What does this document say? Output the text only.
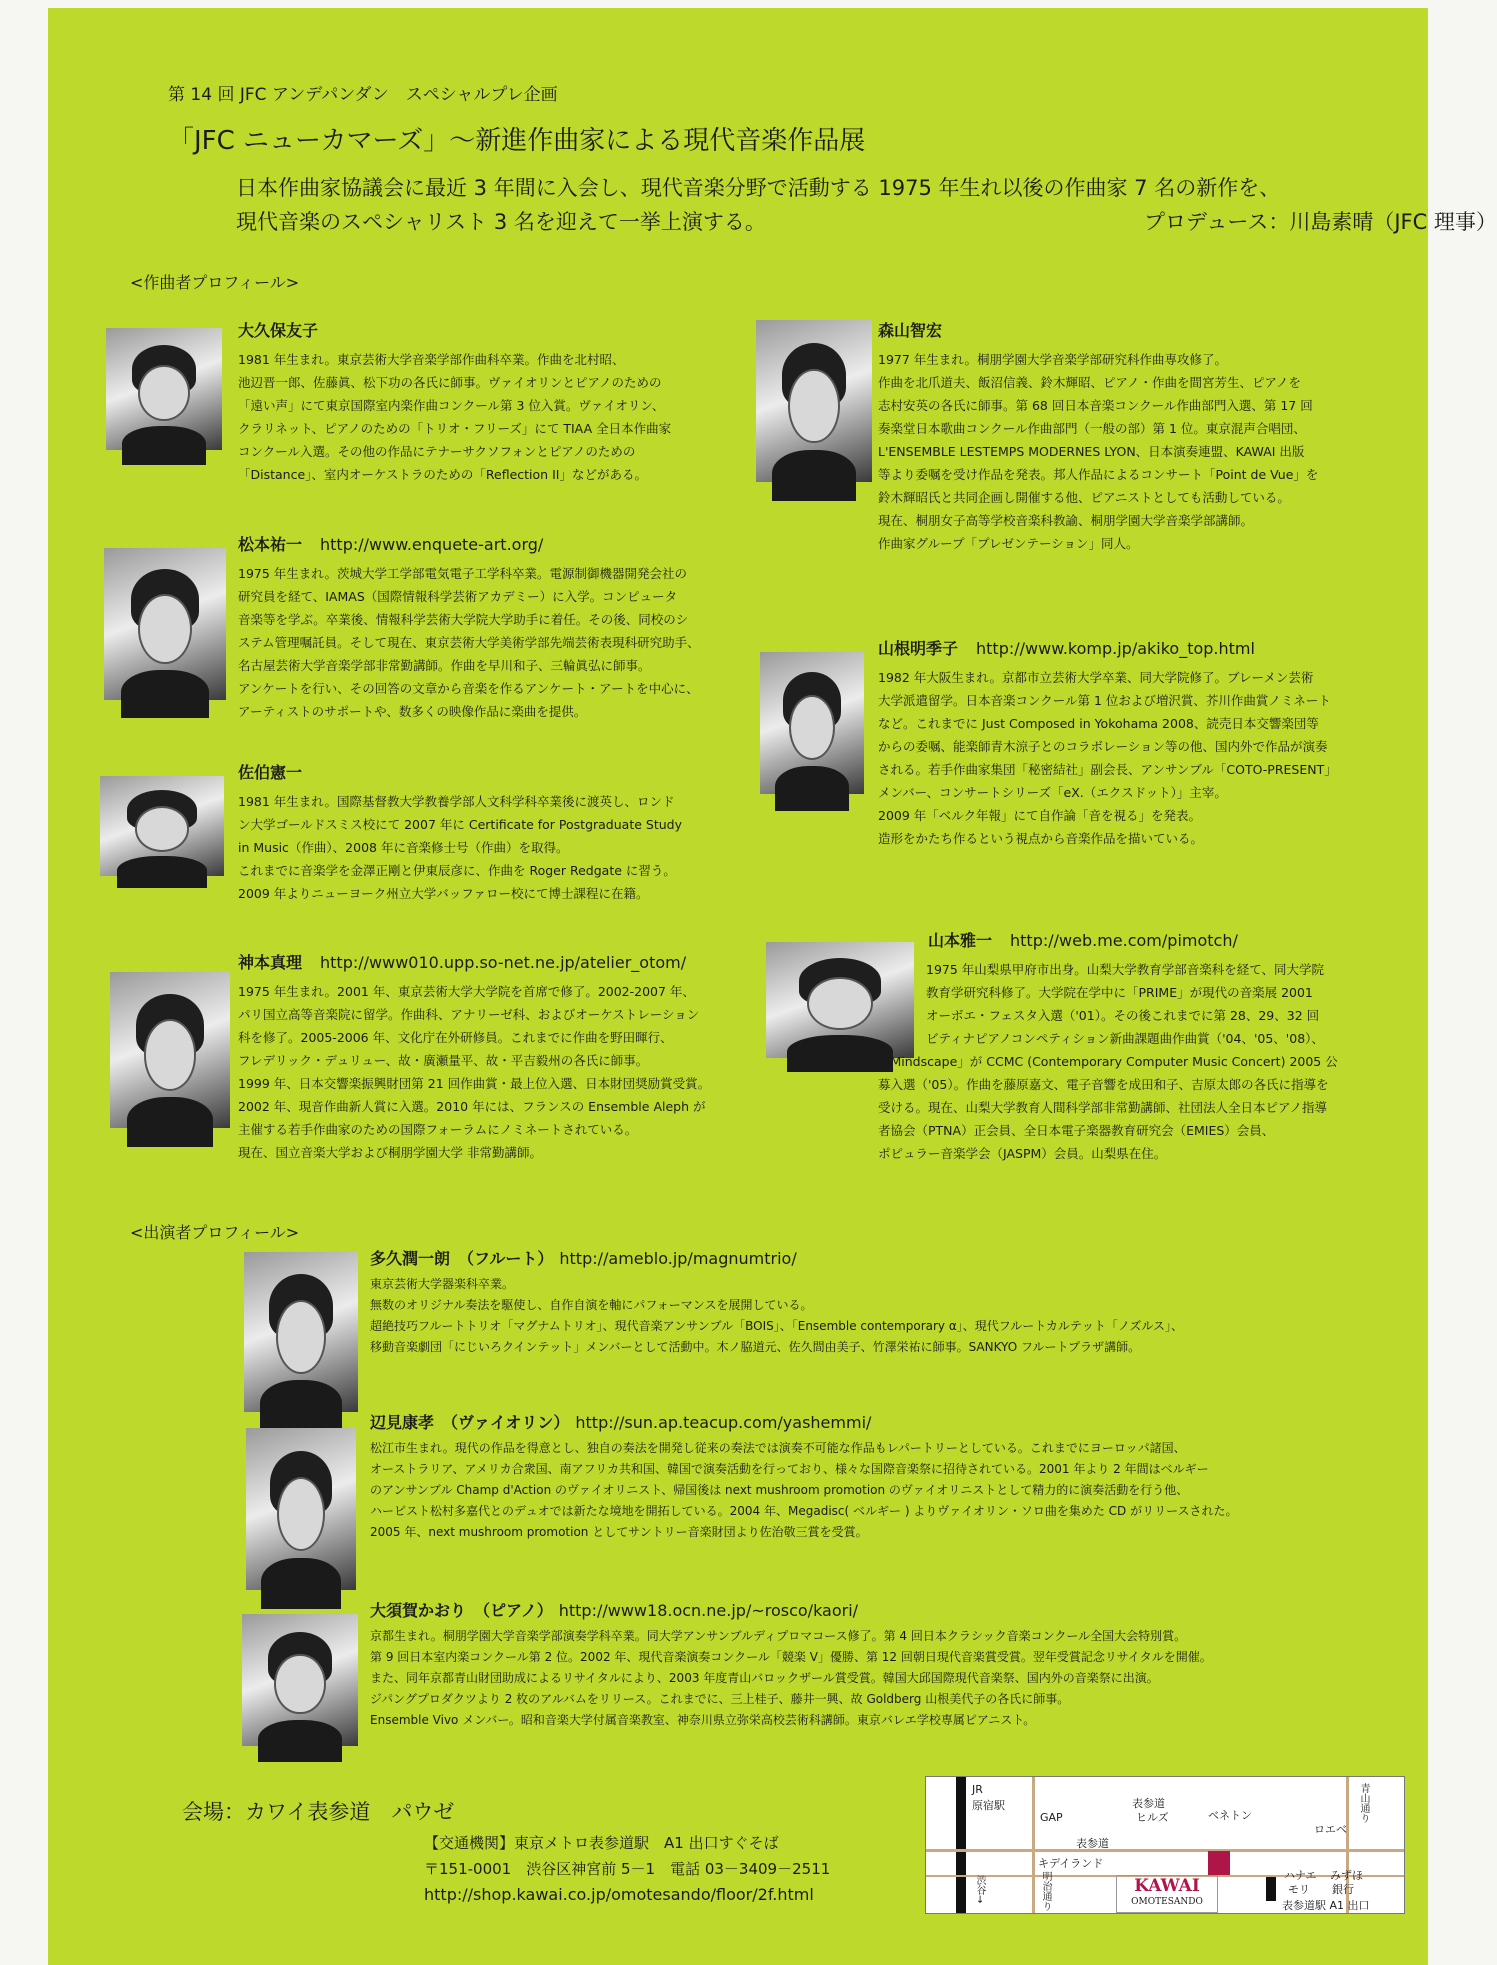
第 14 回 JFC アンデパンダン　スペシャルプレ企画
「JFC ニューカマーズ」～新進作曲家による現代音楽作品展
日本作曲家協議会に最近 3 年間に入会し、現代音楽分野で活動する 1975 年生れ以後の作曲家 7 名の新作を、
現代音楽のスペシャリスト 3 名を迎えて一挙上演する。	プロデュース：川島素晴（JFC 理事）
<作曲者プロフィール>
大久保友子
1981 年生まれ。東京芸術大学音楽学部作曲科卒業。作曲を北村昭、
池辺晋一郎、佐藤眞、松下功の各氏に師事。ヴァイオリンとピアノのための
「遠い声」にて東京国際室内楽作曲コンクール第 3 位入賞。ヴァイオリン、
クラリネット、ピアノのための「トリオ・フリーズ」にて TIAA 全日本作曲家
コンクール入選。その他の作品にテナーサクソフォンとピアノのための
「Distance」、室内オーケストラのための「Reflection II」などがある。
松本祐一 http://www.enquete-art.org/
1975 年生まれ。茨城大学工学部電気電子工学科卒業。電源制御機器開発会社の
研究員を経て、IAMAS（国際情報科学芸術アカデミー）に入学。コンピュータ
音楽等を学ぶ。卒業後、情報科学芸術大学院大学助手に着任。その後、同校のシ
ステム管理嘱託員。そして現在、東京芸術大学美術学部先端芸術表現科研究助手、
名古屋芸術大学音楽学部非常勤講師。作曲を早川和子、三輪眞弘に師事。
アンケートを行い、その回答の文章から音楽を作るアンケート・アートを中心に、
アーティストのサポートや、数多くの映像作品に楽曲を提供。
佐伯憲一
1981 年生まれ。国際基督教大学教養学部人文科学科卒業後に渡英し、ロンド
ン大学ゴールドスミス校にて 2007 年に Certificate for Postgraduate Study
in Music（作曲）、2008 年に音楽修士号（作曲）を取得。
これまでに音楽学を金澤正剛と伊東辰彦に、作曲を Roger Redgate に習う。
2009 年よりニューヨーク州立大学バッファロー校にて博士課程に在籍。
神本真理 http://www010.upp.so-net.ne.jp/atelier_otom/
1975 年生まれ。2001 年、東京芸術大学大学院を首席で修了。2002-2007 年、
パリ国立高等音楽院に留学。作曲科、アナリーゼ科、およびオーケストレーション
科を修了。2005-2006 年、文化庁在外研修員。これまでに作曲を野田暉行、
フレデリック・デュリュー、故・廣瀬量平、故・平吉毅州の各氏に師事。
1999 年、日本交響楽振興財団第 21 回作曲賞・最上位入選、日本財団奨励賞受賞。
2002 年、現音作曲新人賞に入選。2010 年には、フランスの Ensemble Aleph が
主催する若手作曲家のための国際フォーラムにノミネートされている。
現在、国立音楽大学および桐朋学園大学 非常勤講師。
森山智宏
1977 年生まれ。桐朋学園大学音楽学部研究科作曲専攻修了。
作曲を北爪道夫、飯沼信義、鈴木輝昭、ピアノ・作曲を間宮芳生、ピアノを
志村安英の各氏に師事。第 68 回日本音楽コンクール作曲部門入選、第 17 回
奏楽堂日本歌曲コンクール作曲部門（一般の部）第 1 位。東京混声合唱団、
L'ENSEMBLE LESTEMPS MODERNES LYON、日本演奏連盟、KAWAI 出版
等より委嘱を受け作品を発表。邦人作品によるコンサート「Point de Vue」を
鈴木輝昭氏と共同企画し開催する他、ピアニストとしても活動している。
現在、桐朋女子高等学校音楽科教諭、桐朋学園大学音楽学部講師。
作曲家グループ「プレゼンテーション」同人。
山根明季子 http://www.komp.jp/akiko_top.html
1982 年大阪生まれ。京都市立芸術大学卒業、同大学院修了。ブレーメン芸術
大学派遣留学。日本音楽コンクール第 1 位および増沢賞、芥川作曲賞ノミネート
など。これまでに Just Composed in Yokohama 2008、読売日本交響楽団等
からの委嘱、能楽師青木涼子とのコラボレーション等の他、国内外で作品が演奏
される。若手作曲家集団「秘密結社」副会長、アンサンブル「COTO-PRESENT」
メンバー、コンサートシリーズ「eX.（エクスドット）」主宰。
2009 年「ベルク年報」にて自作論「音を視る」を発表。
造形をかたち作るという視点から音楽作品を描いている。
山本雅一 http://web.me.com/pimotch/
1975 年山梨県甲府市出身。山梨大学教育学部音楽科を経て、同大学院
教育学研究科修了。大学院在学中に「PRIME」が現代の音楽展 2001
オーボエ・フェスタ入選（'01）。その後これまでに第 28、29、32 回
ビティナピアノコンペティション新曲課題曲作曲賞（'04、'05、'08）、
「Mindscape」が CCMC (Contemporary Computer Music Concert) 2005 公
募入選（'05）。作曲を藤原嘉文、電子音響を成田和子、吉原太郎の各氏に指導を
受ける。現在、山梨大学教育人間科学部非常勤講師、社団法人全日本ピアノ指導
者協会（PTNA）正会員、全日本電子楽器教育研究会（EMIES）会員、
ポピュラー音楽学会（JASPM）会員。山梨県在住。
<出演者プロフィール>
多久潤一朗　（フルート） http://ameblo.jp/magnumtrio/
東京芸術大学器楽科卒業。
無数のオリジナル奏法を駆使し、自作自演を軸にパフォーマンスを展開している。
超絶技巧フルートトリオ「マグナムトリオ」、現代音楽アンサンブル「BOIS」、「Ensemble contemporary α」、現代フルートカルテット「ノズルス」、
移動音楽劇団「にじいろクインテット」メンバーとして活動中。木ノ脇道元、佐久間由美子、竹澤栄祐に師事。SANKYO フルートプラザ講師。
辺見康孝　（ヴァイオリン） http://sun.ap.teacup.com/yashemmi/
松江市生まれ。現代の作品を得意とし、独自の奏法を開発し従来の奏法では演奏不可能な作品もレパートリーとしている。これまでにヨーロッパ諸国、
オーストラリア、アメリカ合衆国、南アフリカ共和国、韓国で演奏活動を行っており、様々な国際音楽祭に招待されている。2001 年より 2 年間はベルギー
のアンサンブル Champ d'Action のヴァイオリニスト、帰国後は next mushroom promotion のヴァイオリニストとして精力的に演奏活動を行う他、
ハーピスト松村多嘉代とのデュオでは新たな境地を開拓している。2004 年、Megadisc( ベルギー ) よりヴァイオリン・ソロ曲を集めた CD がリリースされた。
2005 年、next mushroom promotion としてサントリー音楽財団より佐治敬三賞を受賞。
大須賀かおり　（ピアノ） http://www18.ocn.ne.jp/~rosco/kaori/
京都生まれ。桐朋学園大学音楽学部演奏学科卒業。同大学アンサンブルディプロマコース修了。第 4 回日本クラシック音楽コンクール全国大会特別賞。
第 9 回日本室内楽コンクール第 2 位。2002 年、現代音楽演奏コンクール「競楽 V」優勝、第 12 回朝日現代音楽賞受賞。翌年受賞記念リサイタルを開催。
また、同年京都青山財団助成によるリサイタルにより、2003 年度青山バロックザール賞受賞。韓国大邱国際現代音楽祭、国内外の音楽祭に出演。
ジパングプロダクツより 2 枚のアルバムをリリース。これまでに、三上桂子、藤井一興、故 Goldberg 山根美代子の各氏に師事。
Ensemble Vivo メンバー。昭和音楽大学付属音楽教室、神奈川県立弥栄高校芸術科講師。東京バレエ学校専属ピアニスト。
会場：カワイ表参道　パウゼ
【交通機関】東京メトロ表参道駅　A1 出口すぐそば
〒151-0001　渋谷区神宮前 5－1　電話 03－3409－2511
http://shop.kawai.co.jp/omotesando/floor/2f.html
JR
原宿駅
GAP
表参道
ヒルズ	ベネトン
ロエベ
青山通り
表参道
キデイランド
明治通り
渋谷→	KAWAI
OMOTESANDO
ハナエ
モリ
みずほ
銀行
表参道駅 A1 出口
